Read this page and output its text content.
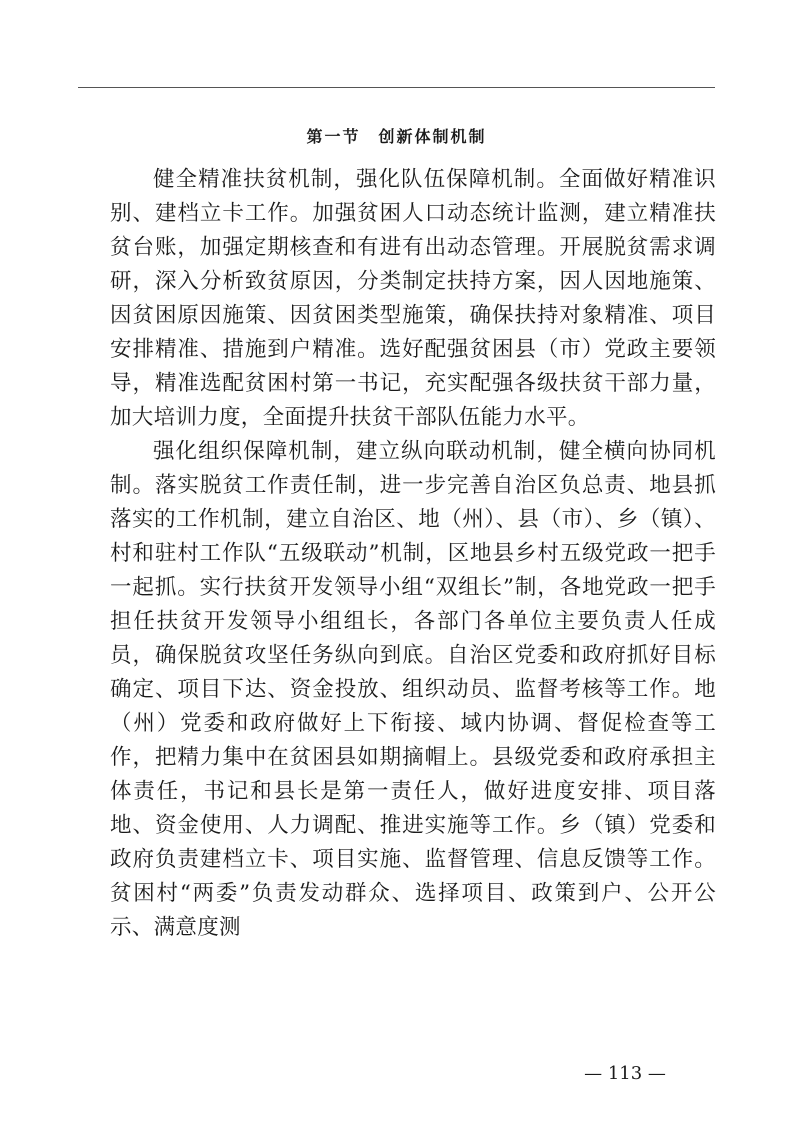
第一节　创新体制机制

健全精准扶贫机制，强化队伍保障机制。全面做好精准识别、建档立卡工作。加强贫困人口动态统计监测，建立精准扶贫台账，加强定期核查和有进有出动态管理。开展脱贫需求调研，深入分析致贫原因，分类制定扶持方案，因人因地施策、因贫困原因施策、因贫困类型施策，确保扶持对象精准、项目安排精准、措施到户精准。选好配强贫困县（市）党政主要领导，精准选配贫困村第一书记，充实配强各级扶贫干部力量，加大培训力度，全面提升扶贫干部队伍能力水平。

强化组织保障机制，建立纵向联动机制，健全横向协同机制。落实脱贫工作责任制，进一步完善自治区负总责、地县抓落实的工作机制，建立自治区、地（州）、县（市）、乡（镇）、村和驻村工作队“五级联动”机制，区地县乡村五级党政一把手一起抓。实行扶贫开发领导小组“双组长”制，各地党政一把手担任扶贫开发领导小组组长，各部门各单位主要负责人任成员，确保脱贫攻坚任务纵向到底。自治区党委和政府抓好目标确定、项目下达、资金投放、组织动员、监督考核等工作。地（州）党委和政府做好上下衔接、域内协调、督促检查等工作，把精力集中在贫困县如期摘帽上。县级党委和政府承担主体责任，书记和县长是第一责任人，做好进度安排、项目落地、资金使用、人力调配、推进实施等工作。乡（镇）党委和政府负责建档立卡、项目实施、监督管理、信息反馈等工作。贫困村“两委”负责发动群众、选择项目、政策到户、公开公示、满意度测

— 113 —
